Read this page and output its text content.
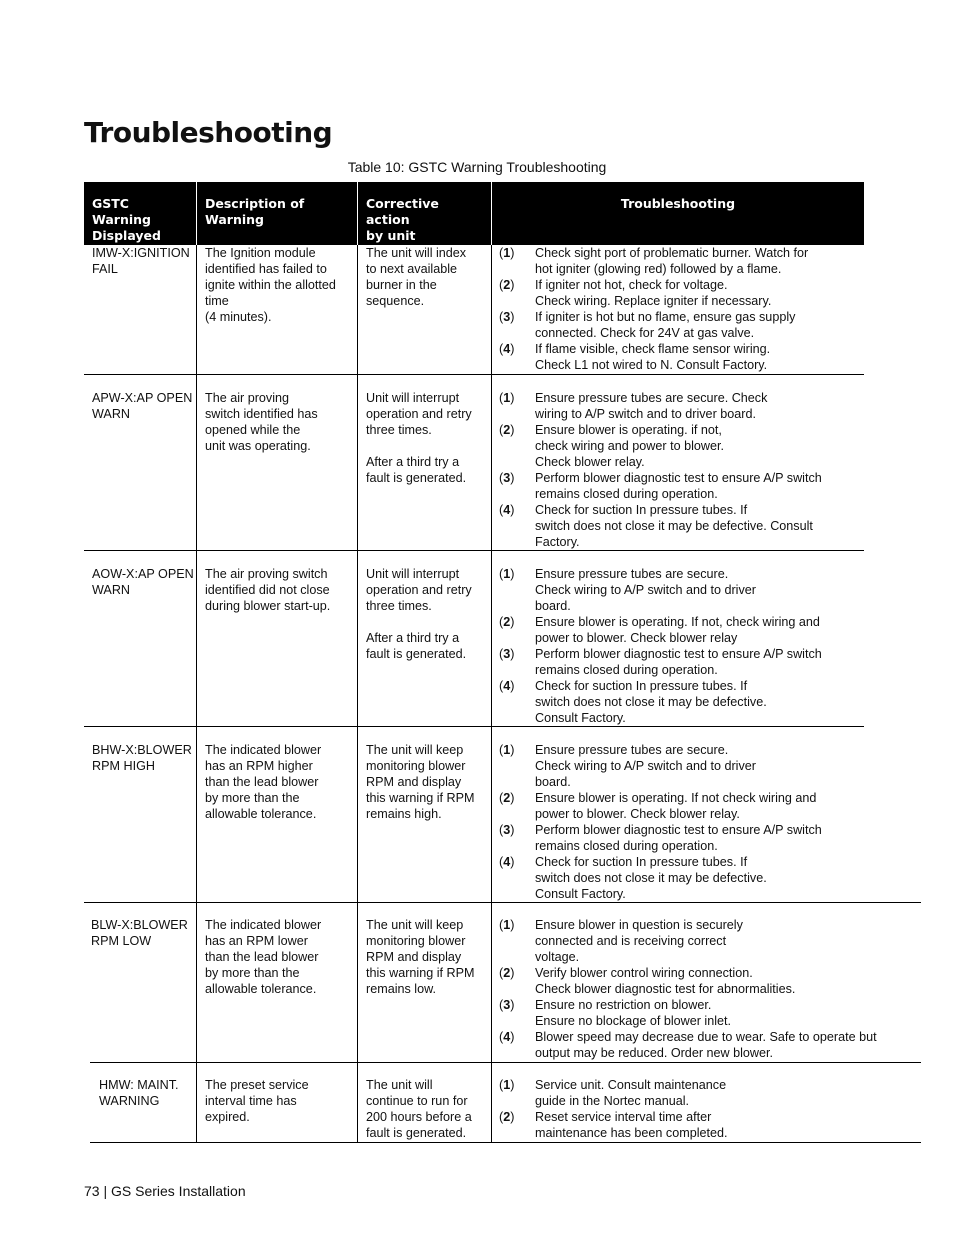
Troubleshooting
Table 10: GSTC Warning Troubleshooting
GSTC Warning
Displayed
Description of Warning
Corrective action
by unit
Troubleshooting
IMW-X:IGNITION
FAIL
The Ignition module
identified has failed to
ignite within the allotted
time
(4 minutes).
The unit will index
to next available
burner in the
sequence.
(1) Check sight port of problematic burner. Watch for
hot igniter (glowing red) followed by a flame.
(2) If igniter not hot, check for voltage.
Check wiring. Replace igniter if necessary.
(3) If igniter is hot but no flame, ensure gas supply
connected. Check for 24V at gas valve.
(4) If flame visible, check flame sensor wiring.
Check L1 not wired to N. Consult Factory.
APW-X:AP OPEN
WARN
The air proving
switch identified has
opened while the
unit was operating.
Unit will interrupt
operation and retry
three times.

After a third try a
fault is generated.
(1) Ensure pressure tubes are secure. Check
wiring to A/P switch and to driver board.
(2) Ensure blower is operating. if not,
check wiring and power to blower.
Check blower relay.
(3) Perform blower diagnostic test to ensure A/P switch
remains closed during operation.
(4) Check for suction In pressure tubes. If
switch does not close it may be defective. Consult
Factory.
AOW-X:AP OPEN
WARN
The air proving switch
identified did not close
during blower start-up.
Unit will interrupt
operation and retry
three times.

After a third try a
fault is generated.
(1) Ensure pressure tubes are secure.
Check wiring to A/P switch and to driver
board.
(2) Ensure blower is operating. If not, check wiring and
power to blower. Check blower relay
(3) Perform blower diagnostic test to ensure A/P switch
remains closed during operation.
(4) Check for suction In pressure tubes. If
switch does not close it may be defective.
Consult Factory.
BHW-X:BLOWER
RPM HIGH
The indicated blower
has an RPM higher
than the lead blower
by more than the
allowable tolerance.
The unit will keep
monitoring blower
RPM and display
this warning if RPM
remains high.
(1) Ensure pressure tubes are secure.
Check wiring to A/P switch and to driver
board.
(2) Ensure blower is operating. If not check wiring and
power to blower. Check blower relay.
(3) Perform blower diagnostic test to ensure A/P switch
remains closed during operation.
(4) Check for suction In pressure tubes. If
switch does not close it may be defective.
Consult Factory.
BLW-X:BLOWER
RPM LOW
The indicated blower
has an RPM lower
than the lead blower
by more than the
allowable tolerance.
The unit will keep
monitoring blower
RPM and display
this warning if RPM
remains low.
(1) Ensure blower in question is securely
connected and is receiving correct
voltage.
(2) Verify blower control wiring connection.
Check blower diagnostic test for abnormalities.
(3) Ensure no restriction on blower.
Ensure no blockage of blower inlet.
(4) Blower speed may decrease due to wear. Safe to operate but
output may be reduced. Order new blower.
HMW: MAINT.
WARNING
The preset service
interval time has
expired.
The unit will
continue to run for
200 hours before a
fault is generated.
(1) Service unit. Consult maintenance
guide in the Nortec manual.
(2) Reset service interval time after
maintenance has been completed.
73 | GS Series Installation
